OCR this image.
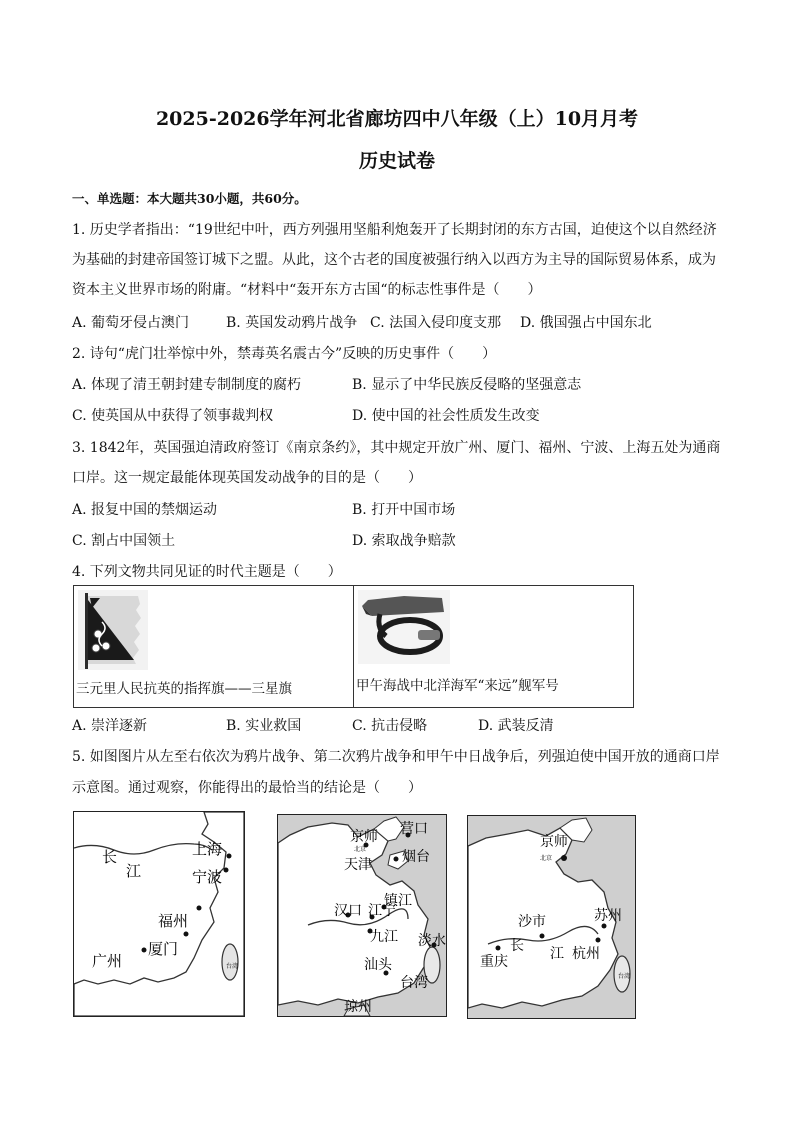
2025-2026学年河北省廊坊四中八年级（上）10月月考
历史试卷
一、单选题：本大题共30小题，共60分。
1. 历史学者指出：“19世纪中叶，西方列强用坚船利炮轰开了长期封闭的东方古国，迫使这个以自然经济
为基础的封建帝国签订城下之盟。从此，这个古老的国度被强行纳入以西方为主导的国际贸易体系，成为
资本主义世界市场的附庸。“材料中“轰开东方古国“的标志性事件是（　　）
A. 葡萄牙侵占澳门	B. 英国发动鸦片战争 C. 法国入侵印度支那 D. 俄国强占中国东北
2. 诗句“虎门壮举惊中外，禁毒英名震古今”反映的历史事件（　　）
A. 体现了清王朝封建专制制度的腐朽	B. 显示了中华民族反侵略的坚强意志
C. 使英国从中获得了领事裁判权	D. 使中国的社会性质发生改变
3. 1842年，英国强迫清政府签订《南京条约》，其中规定开放广州、厦门、福州、宁波、上海五处为通商
口岸。这一规定最能体现英国发动战争的目的是（　　）
A. 报复中国的禁烟运动	B. 打开中国市场
C. 割占中国领土	D. 索取战争赔款
4. 下列文物共同见证的时代主题是（　　）
三元里人民抗英的指挥旗——三星旗	甲午海战中北洋海军“来远”舰军号
A. 崇洋逐新	B. 实业救国	C. 抗击侵略	D. 武装反清
5. 如图图片从左至右依次为鸦片战争、第二次鸦片战争和甲午中日战争后，列强迫使中国开放的通商口岸
示意图。通过观察，你能得出的最恰当的结论是（　　）
长
江
上海
宁波
福州
厦门
广州	台湾
京师
北京
营口
天津 烟台
镇江
汉口 江宁
九江 淡水
汕头
台湾
琼州
京师
北京
苏州
沙市
长 江 杭州
重庆
台湾
